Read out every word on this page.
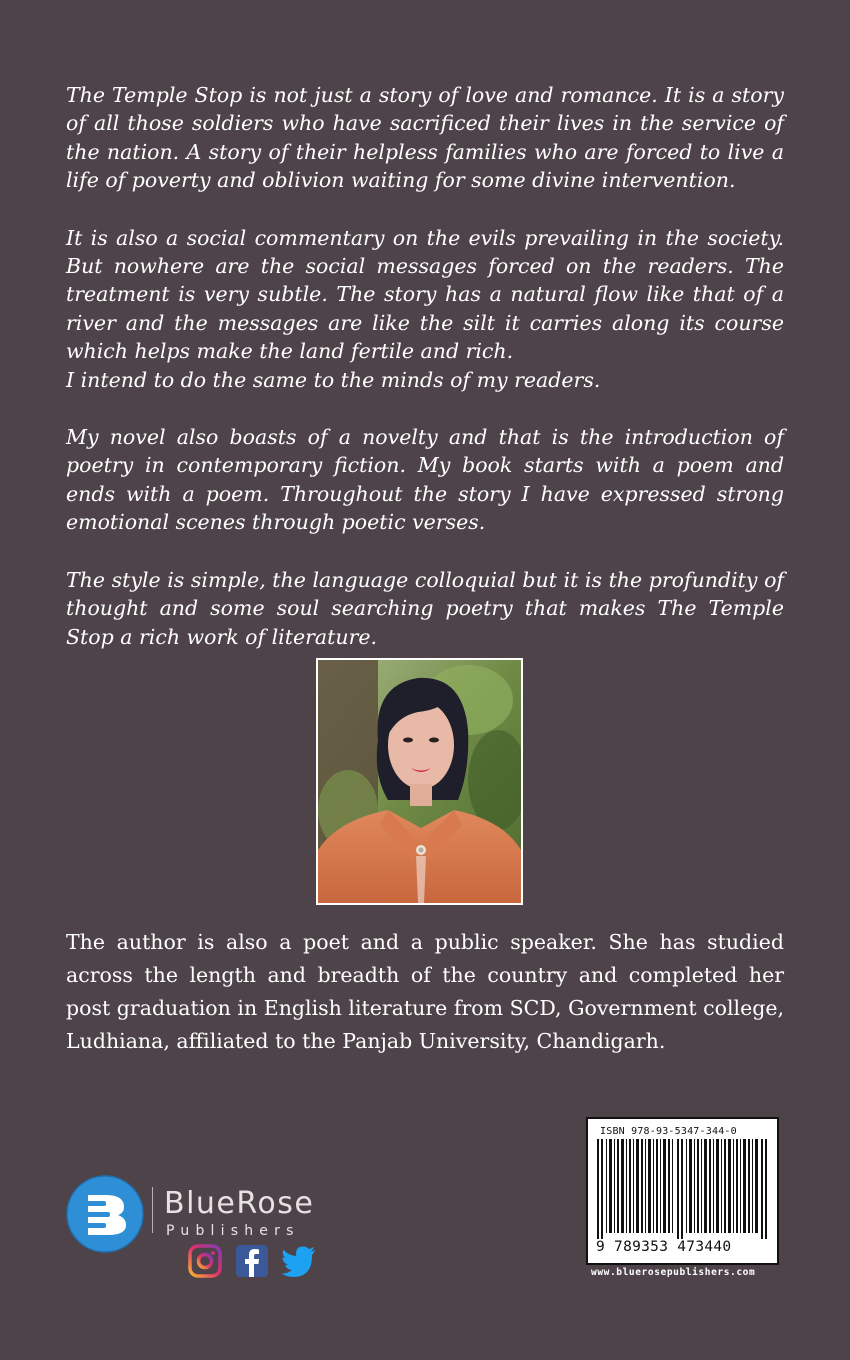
The Temple Stop is not just a story of love and romance. It is a story of all those soldiers who have sacrificed their lives in the service of the nation. A story of their helpless families who are forced to live a life of poverty and oblivion waiting for some divine intervention.

It is also a social commentary on the evils prevailing in the society. But nowhere are the social messages forced on the readers. The treatment is very subtle. The story has a natural flow like that of a river and the messages are like the silt it carries along its course which helps make the land fertile and rich.

I intend to do the same to the minds of my readers.

My novel also boasts of a novelty and that is the introduction of poetry in contemporary fiction. My book starts with a poem and ends with a poem. Throughout the story I have expressed strong emotional scenes through poetic verses.

The style is simple, the language colloquial but it is the profundity of thought and some soul searching poetry that makes The Temple Stop a rich work of literature.

The author is also a poet and a public speaker. She has studied across the length and breadth of the country and completed her post graduation in English literature from SCD, Government college, Ludhiana, affiliated to the Panjab University, Chandigarh.

BlueRose
Publishers
ISBN 978-93-5347-344-0
9 789353 473440
www.bluerosepublishers.com
